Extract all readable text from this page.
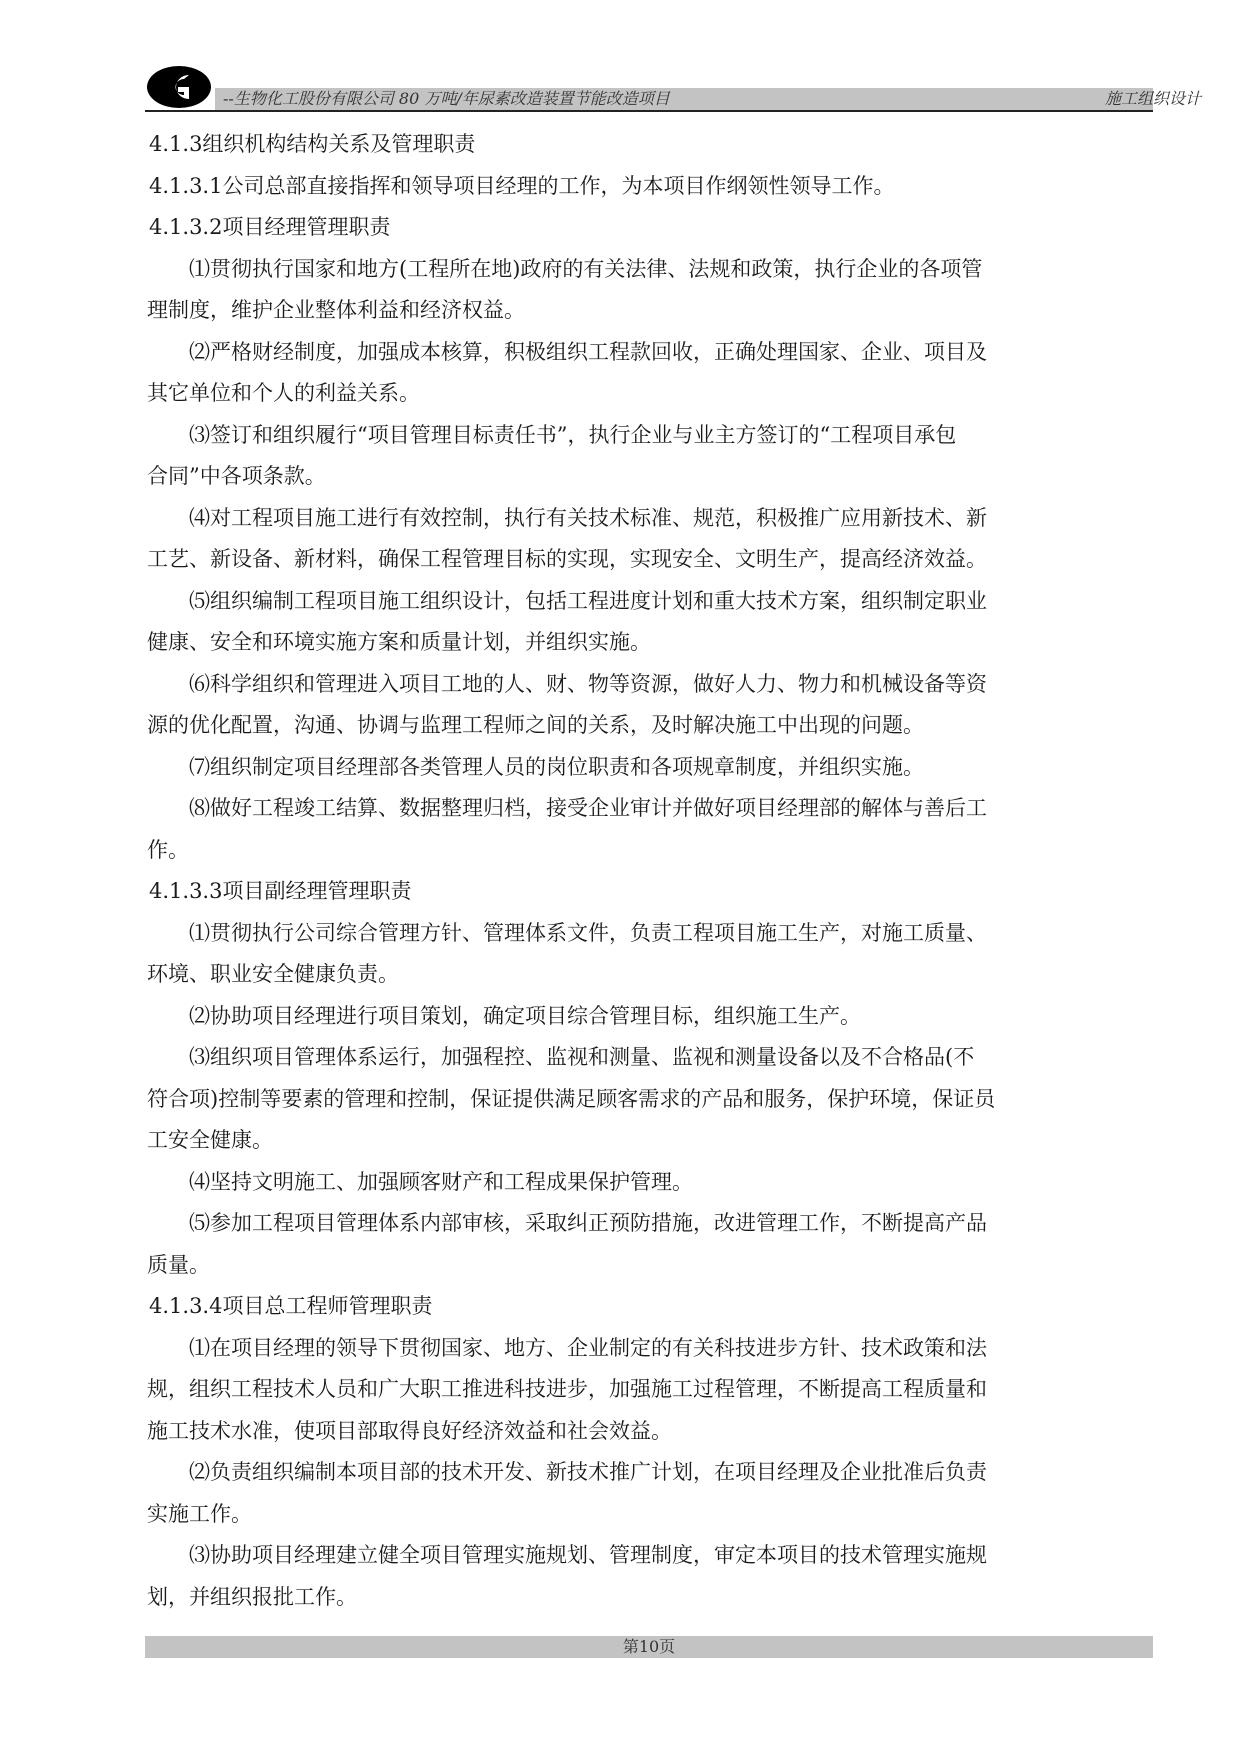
--生物化工股份有限公司 80 万吨/年尿素改造装置节能改造项目	施工组织设计
4.1.3组织机构结构关系及管理职责
4.1.3.1公司总部直接指挥和领导项目经理的工作，为本项目作纲领性领导工作。
4.1.3.2项目经理管理职责
⑴贯彻执行国家和地方(工程所在地)政府的有关法律、法规和政策，执行企业的各项管
理制度，维护企业整体利益和经济权益。
⑵严格财经制度，加强成本核算，积极组织工程款回收，正确处理国家、企业、项目及
其它单位和个人的利益关系。
⑶签订和组织履行“项目管理目标责任书”，执行企业与业主方签订的“工程项目承包
合同”中各项条款。
⑷对工程项目施工进行有效控制，执行有关技术标准、规范，积极推广应用新技术、新
工艺、新设备、新材料，确保工程管理目标的实现，实现安全、文明生产，提高经济效益。
⑸组织编制工程项目施工组织设计，包括工程进度计划和重大技术方案，组织制定职业
健康、安全和环境实施方案和质量计划，并组织实施。
⑹科学组织和管理进入项目工地的人、财、物等资源，做好人力、物力和机械设备等资
源的优化配置，沟通、协调与监理工程师之间的关系，及时解决施工中出现的问题。
⑺组织制定项目经理部各类管理人员的岗位职责和各项规章制度，并组织实施。
⑻做好工程竣工结算、数据整理归档，接受企业审计并做好项目经理部的解体与善后工
作。
4.1.3.3项目副经理管理职责
⑴贯彻执行公司综合管理方针、管理体系文件，负责工程项目施工生产，对施工质量、
环境、职业安全健康负责。
⑵协助项目经理进行项目策划，确定项目综合管理目标，组织施工生产。
⑶组织项目管理体系运行，加强程控、监视和测量、监视和测量设备以及不合格品(不
符合项)控制等要素的管理和控制，保证提供满足顾客需求的产品和服务，保护环境，保证员
工安全健康。
⑷坚持文明施工、加强顾客财产和工程成果保护管理。
⑸参加工程项目管理体系内部审核，采取纠正预防措施，改进管理工作，不断提高产品
质量。
4.1.3.4项目总工程师管理职责
⑴在项目经理的领导下贯彻国家、地方、企业制定的有关科技进步方针、技术政策和法
规，组织工程技术人员和广大职工推进科技进步，加强施工过程管理，不断提高工程质量和
施工技术水准，使项目部取得良好经济效益和社会效益。
⑵负责组织编制本项目部的技术开发、新技术推广计划，在项目经理及企业批准后负责
实施工作。
⑶协助项目经理建立健全项目管理实施规划、管理制度，审定本项目的技术管理实施规
划，并组织报批工作。
第10页
